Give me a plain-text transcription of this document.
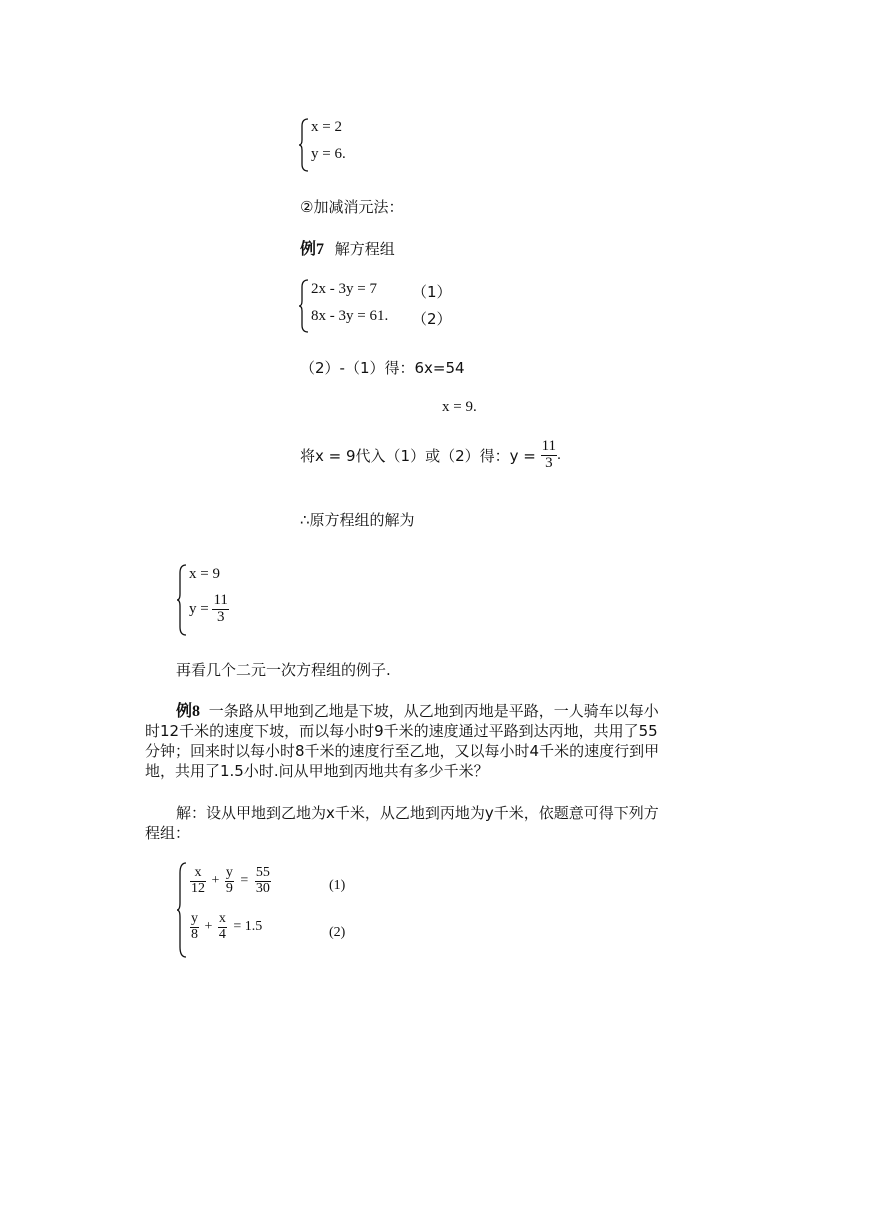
x = 2
y = 6.
②加减消元法：
例7 解方程组
2x - 3y = 7 （1）
8x - 3y = 61. （2）
（2）-（1）得：6x=54
x = 9.
将x = 9代入（1）或（2）得：$y = \frac{11}{3}$ .
∴原方程组的解为
x = 9
$y = \frac{11}{3}$
再看几个二元一次方程组的例子.
例8 一条路从甲地到乙地是下坡，从乙地到丙地是平路，一人骑车以每小
时12千米的速度下坡，而以每小时9千米的速度通过平路到达丙地，共用了55
分钟；回来时以每小时8千米的速度行至乙地，又以每小时4千米的速度行到甲
地，共用了1.5小时.问从甲地到丙地共有多少千米？
解：设从甲地到乙地为x千米，从乙地到丙地为y千米，依题意可得下列方
程组：
$\frac{x}{12} + \frac{y}{9} = \frac{55}{30}$	(1)
$\frac{y}{8} + \frac{x}{4} = 1.5$	(2)
